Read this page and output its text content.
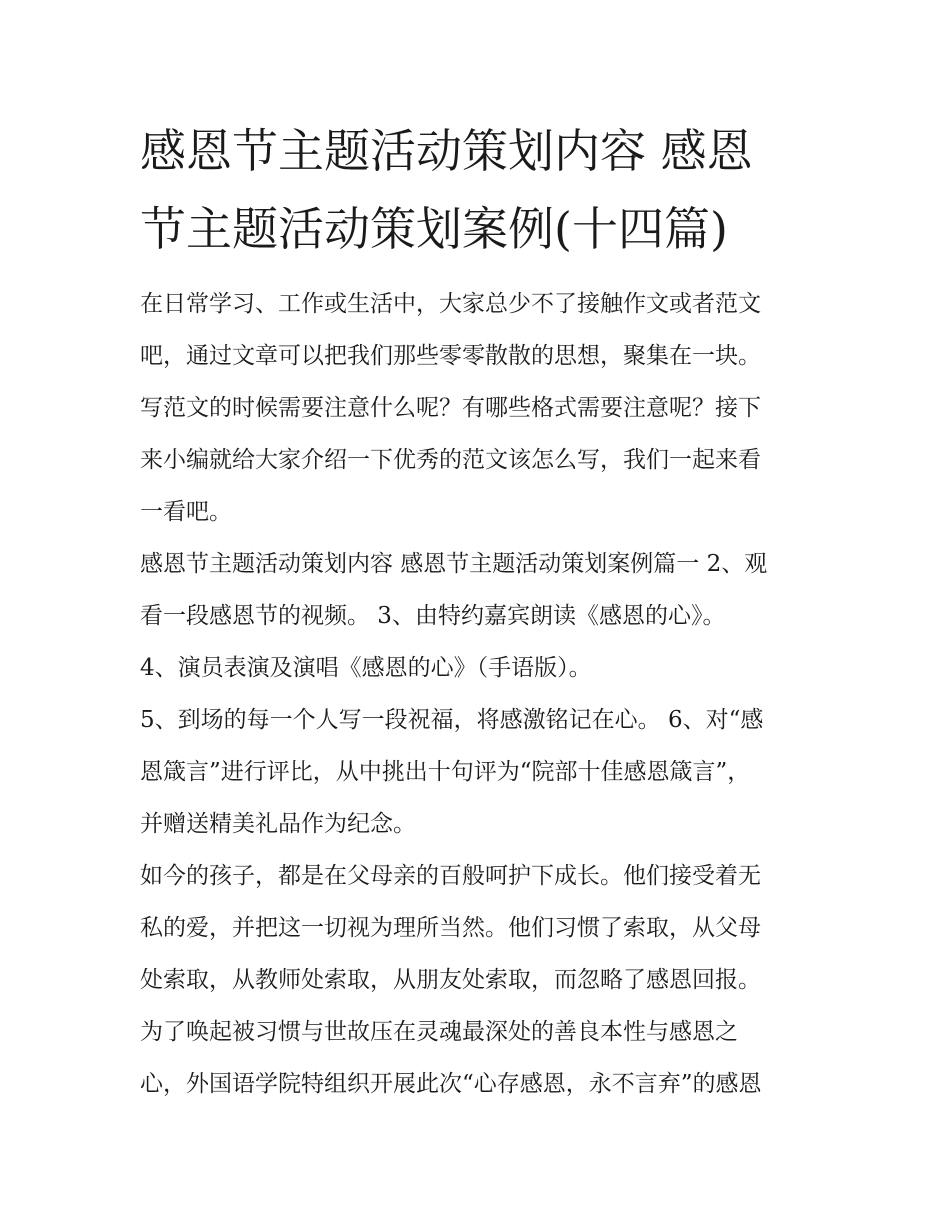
感恩节主题活动策划内容 感恩
节主题活动策划案例(十四篇)
在日常学习、工作或生活中，大家总少不了接触作文或者范文
吧，通过文章可以把我们那些零零散散的思想，聚集在一块。
写范文的时候需要注意什么呢？有哪些格式需要注意呢？接下
来小编就给大家介绍一下优秀的范文该怎么写，我们一起来看
一看吧。
感恩节主题活动策划内容 感恩节主题活动策划案例篇一 2、观
看一段感恩节的视频。 3、由特约嘉宾朗读《感恩的心》。
4、演员表演及演唱《感恩的心》（手语版）。
5、到场的每一个人写一段祝福，将感激铭记在心。 6、对“感
恩箴言”进行评比，从中挑出十句评为“院部十佳感恩箴言”，
并赠送精美礼品作为纪念。
如今的孩子，都是在父母亲的百般呵护下成长。他们接受着无
私的爱，并把这一切视为理所当然。他们习惯了索取，从父母
处索取，从教师处索取，从朋友处索取，而忽略了感恩回报。
为了唤起被习惯与世故压在灵魂最深处的善良本性与感恩之
心，外国语学院特组织开展此次“心存感恩，永不言弃”的感恩
